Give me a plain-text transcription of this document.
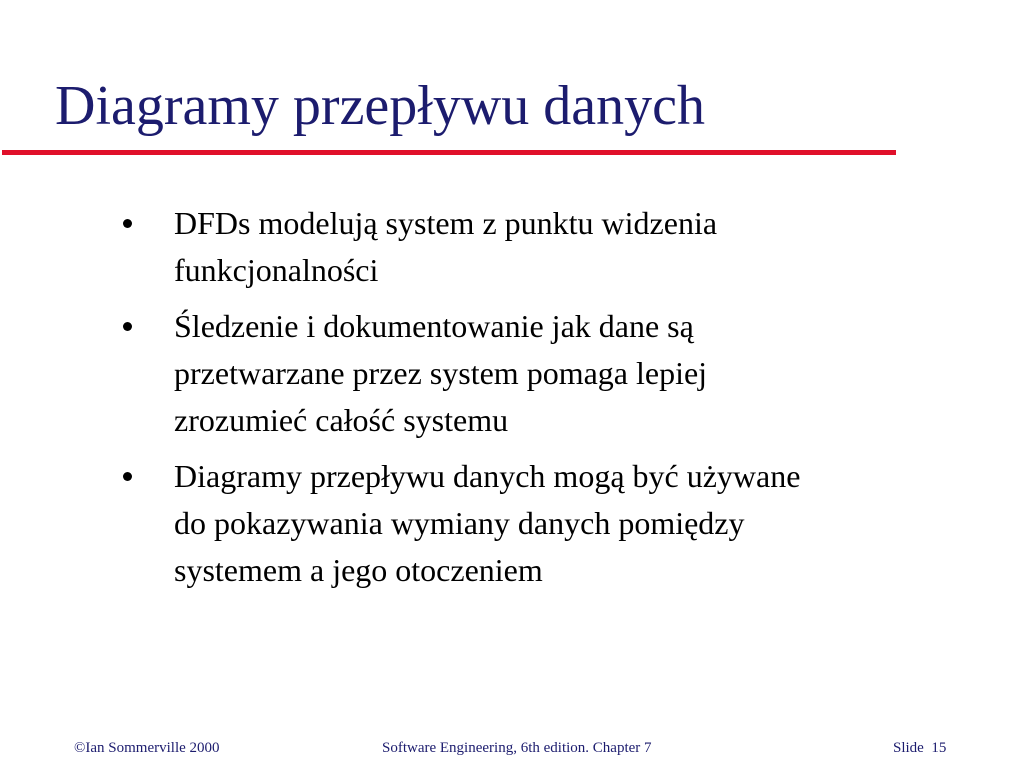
Diagramy przepływu danych
DFDs modelują system z punktu widzenia
funkcjonalności
Śledzenie i dokumentowanie jak dane są
przetwarzane przez system pomaga lepiej
zrozumieć całość systemu
Diagramy przepływu danych mogą być używane
do pokazywania wymiany danych pomiędzy
systemem a jego otoczeniem
©Ian Sommerville 2000	Software Engineering, 6th edition. Chapter 7	Slide 15
